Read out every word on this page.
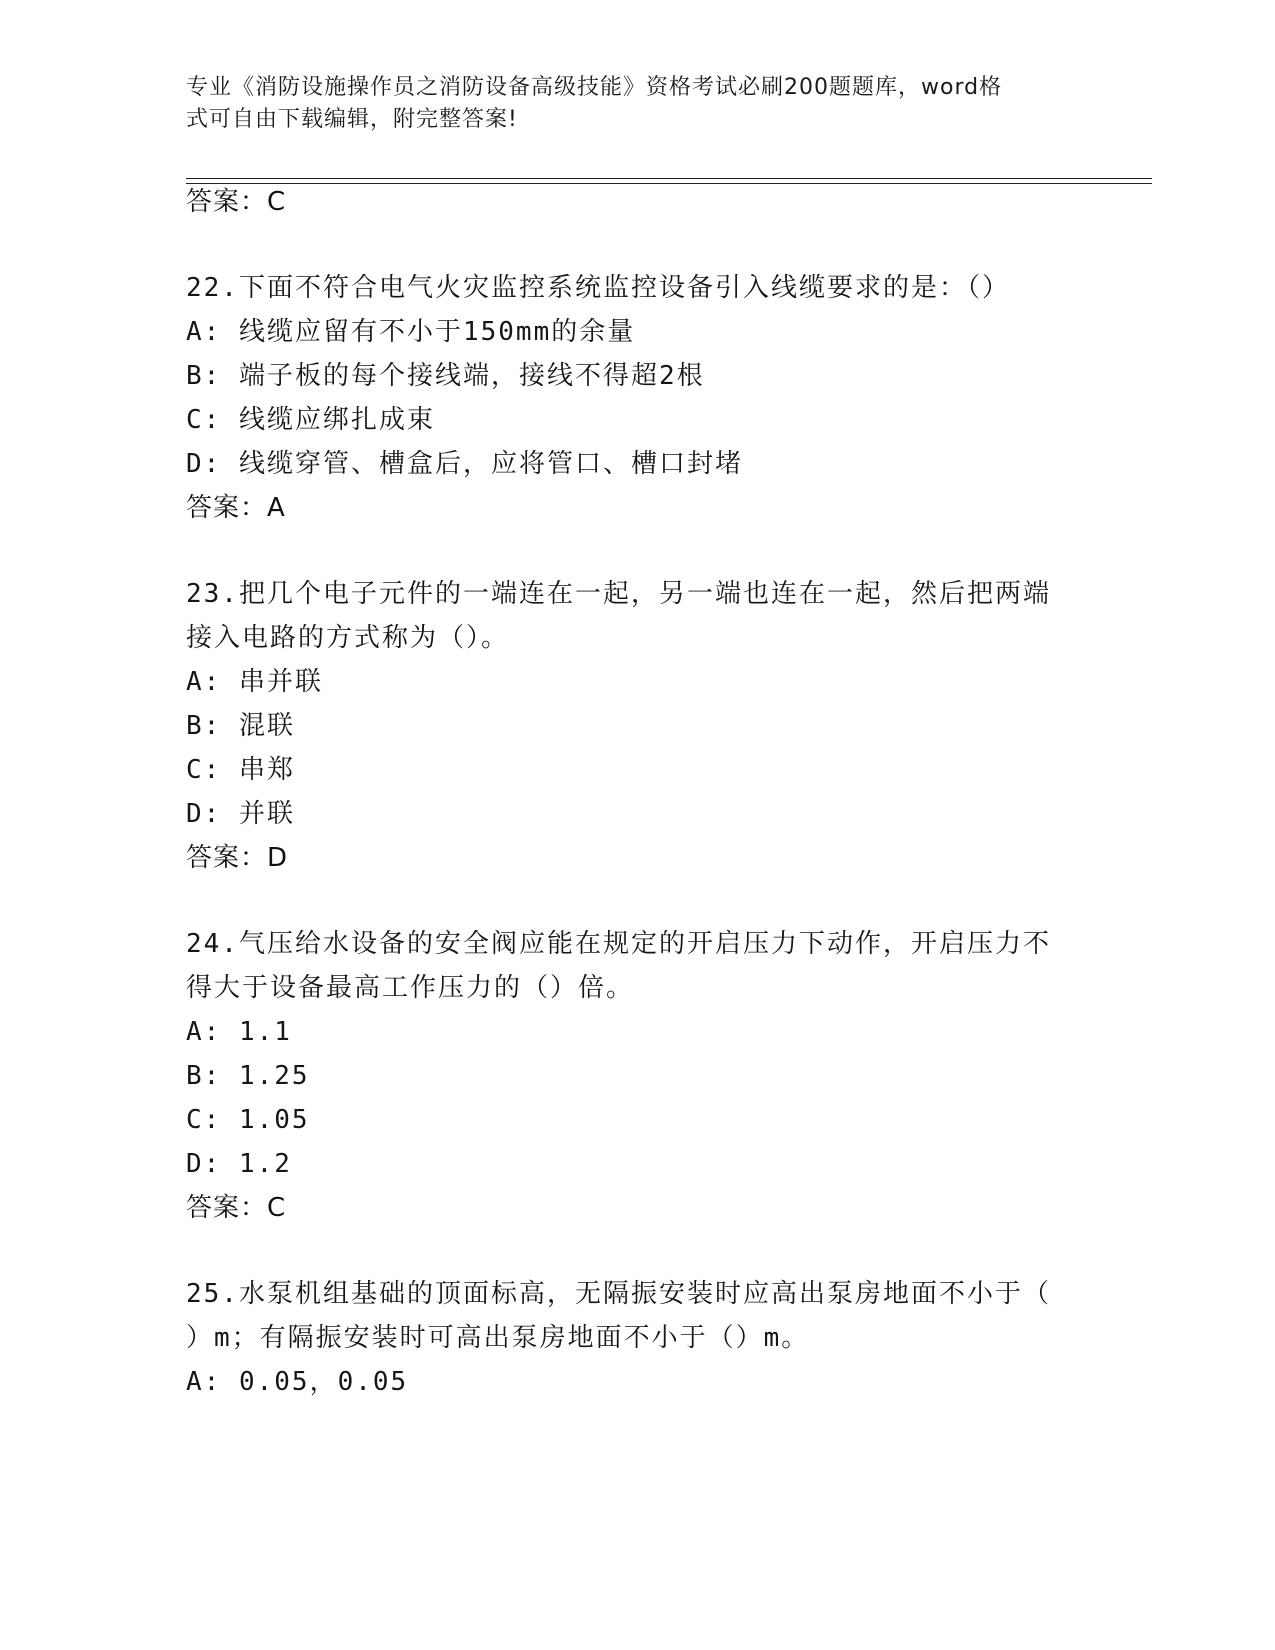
专业《消防设施操作员之消防设备高级技能》资格考试必刷200题题库，word格
式可自由下载编辑，附完整答案!
答案：C
22.下面不符合电气火灾监控系统监控设备引入线缆要求的是：（）
A: 线缆应留有不小于150mm的余量
B: 端子板的每个接线端，接线不得超2根
C: 线缆应绑扎成束
D: 线缆穿管、槽盒后，应将管口、槽口封堵
答案：A
23.把几个电子元件的一端连在一起，另一端也连在一起，然后把两端
接入电路的方式称为（）。
A: 串并联
B: 混联
C: 串郑
D: 并联
答案：D
24.气压给水设备的安全阀应能在规定的开启压力下动作，开启压力不
得大于设备最高工作压力的（）倍。
A: 1.1
B: 1.25
C: 1.05
D: 1.2
答案：C
25.水泵机组基础的顶面标高，无隔振安装时应高出泵房地面不小于（
）m；有隔振安装时可高出泵房地面不小于（）m。
A: 0.05，0.05
